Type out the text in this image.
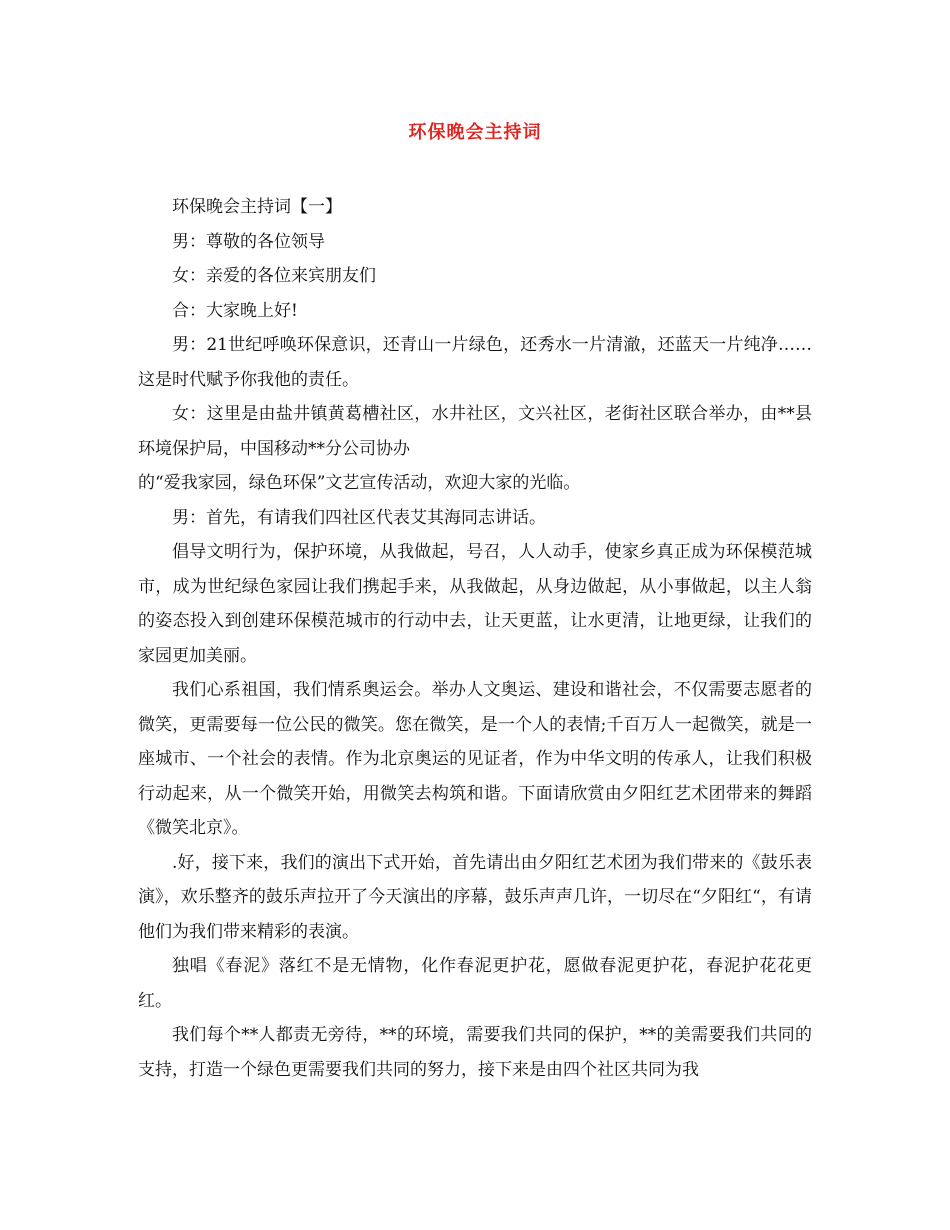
环保晚会主持词

环保晚会主持词【一】

男：尊敬的各位领导

女：亲爱的各位来宾朋友们

合：大家晚上好!

男：21世纪呼唤环保意识，还青山一片绿色，还秀水一片清澈，还蓝天一片纯净……这是时代赋予你我他的责任。

女：这里是由盐井镇黄葛槽社区，水井社区，文兴社区，老街社区联合举办，由**县环境保护局，中国移动**分公司协办

的“爱我家园，绿色环保”文艺宣传活动，欢迎大家的光临。

男：首先，有请我们四社区代表艾其海同志讲话。

倡导文明行为，保护环境，从我做起，号召，人人动手，使家乡真正成为环保模范城市，成为世纪绿色家园让我们携起手来，从我做起，从身边做起，从小事做起，以主人翁的姿态投入到创建环保模范城市的行动中去，让天更蓝，让水更清，让地更绿，让我们的家园更加美丽。

我们心系祖国，我们情系奥运会。举办人文奥运、建设和谐社会，不仅需要志愿者的微笑，更需要每一位公民的微笑。您在微笑，是一个人的表情;千百万人一起微笑，就是一座城市、一个社会的表情。作为北京奥运的见证者，作为中华文明的传承人，让我们积极行动起来，从一个微笑开始，用微笑去构筑和谐。下面请欣赏由夕阳红艺术团带来的舞蹈《微笑北京》。

.好，接下来，我们的演出下式开始，首先请出由夕阳红艺术团为我们带来的《鼓乐表演》，欢乐整齐的鼓乐声拉开了今天演出的序幕，鼓乐声声几许，一切尽在“夕阳红“，有请他们为我们带来精彩的表演。

独唱《春泥》落红不是无情物，化作春泥更护花，愿做春泥更护花，春泥护花花更红。

我们每个**人都责无旁待，**的环境，需要我们共同的保护，**的美需要我们共同的支持，打造一个绿色更需要我们共同的努力，接下来是由四个社区共同为我
